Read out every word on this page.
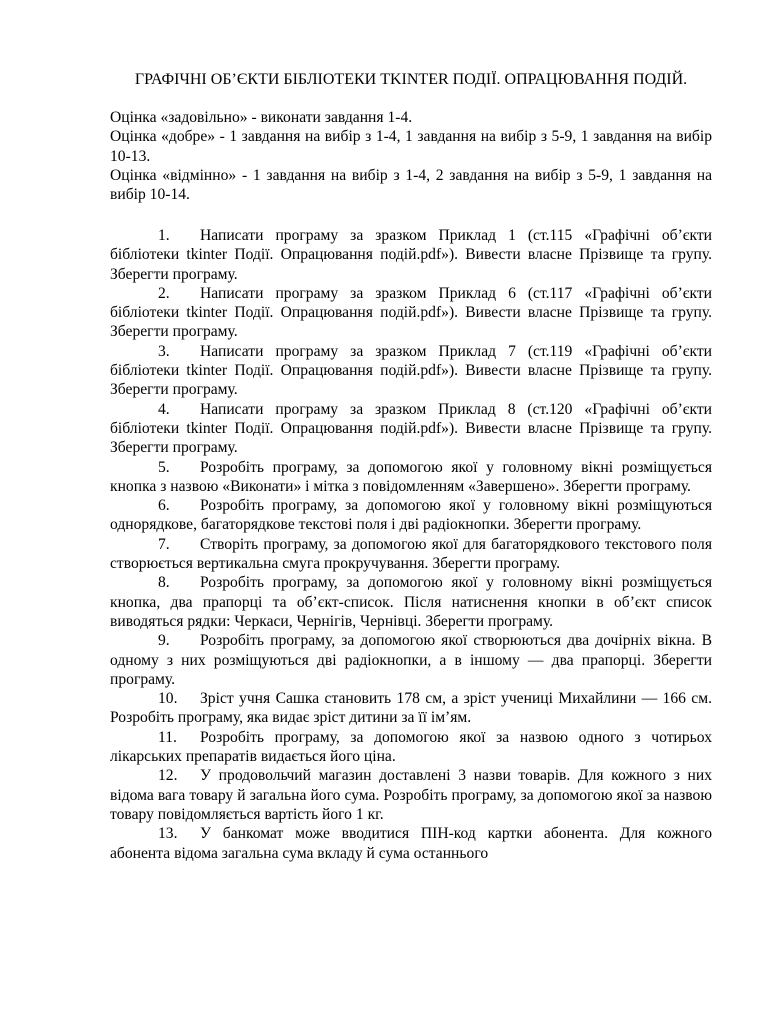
ГРАФІЧНІ ОБ’ЄКТИ БІБЛІОТЕКИ TKINTER ПОДІЇ. ОПРАЦЮВАННЯ ПОДІЙ.

Оцінка «задовільно» - виконати завдання 1-4.

Оцінка «добре» - 1 завдання на вибір з 1-4, 1 завдання на вибір з 5-9, 1 завдання на вибір 10-13.

Оцінка «відмінно» - 1 завдання на вибір з 1-4, 2 завдання на вибір з 5-9, 1 завдання на вибір 10-14.

1. Написати програму за зразком Приклад 1 (ст.115 «Графічні об’єкти бібліотеки tkinter Події. Опрацювання подій.pdf»). Вивести власне Прізвище та групу. Зберегти програму.

2. Написати програму за зразком Приклад 6 (ст.117 «Графічні об’єкти бібліотеки tkinter Події. Опрацювання подій.pdf»). Вивести власне Прізвище та групу. Зберегти програму.

3. Написати програму за зразком Приклад 7 (ст.119 «Графічні об’єкти бібліотеки tkinter Події. Опрацювання подій.pdf»). Вивести власне Прізвище та групу. Зберегти програму.

4. Написати програму за зразком Приклад 8 (ст.120 «Графічні об’єкти бібліотеки tkinter Події. Опрацювання подій.pdf»). Вивести власне Прізвище та групу. Зберегти програму.

5. Розробіть програму, за допомогою якої у головному вікні розміщується кнопка з назвою «Виконати» і мітка з повідомленням «Завершено». Зберегти програму.

6. Розробіть програму, за допомогою якої у головному вікні розміщуються однорядкове, багаторядкове текстові поля і дві радіокнопки. Зберегти програму.

7. Створіть програму, за допомогою якої для багаторядкового текстового поля створюється вертикальна смуга прокручування. Зберегти програму.

8. Розробіть програму, за допомогою якої у головному вікні розміщується кнопка, два прапорці та об’єкт-список. Після натиснення кнопки в об’єкт список виводяться рядки: Черкаси, Чернігів, Чернівці. Зберегти програму.

9. Розробіть програму, за допомогою якої створюються два дочірніх вікна. В одному з них розміщуються дві радіокнопки, а в іншому — два прапорці. Зберегти програму.

10. Зріст учня Сашка становить 178 см, а зріст учениці Михайлини — 166 см. Розробіть програму, яка видає зріст дитини за її ім’ям.

11. Розробіть програму, за допомогою якої за назвою одного з чотирьох лікарських препаратів видається його ціна.

12. У продовольчий магазин доставлені 3 назви товарів. Для кожного з них відома вага товару й загальна його сума. Розробіть програму, за допомогою якої за назвою товару повідомляється вартість його 1 кг.

13. У банкомат може вводитися ПІН-код картки абонента. Для кожного абонента відома загальна сума вкладу й сума останнього
